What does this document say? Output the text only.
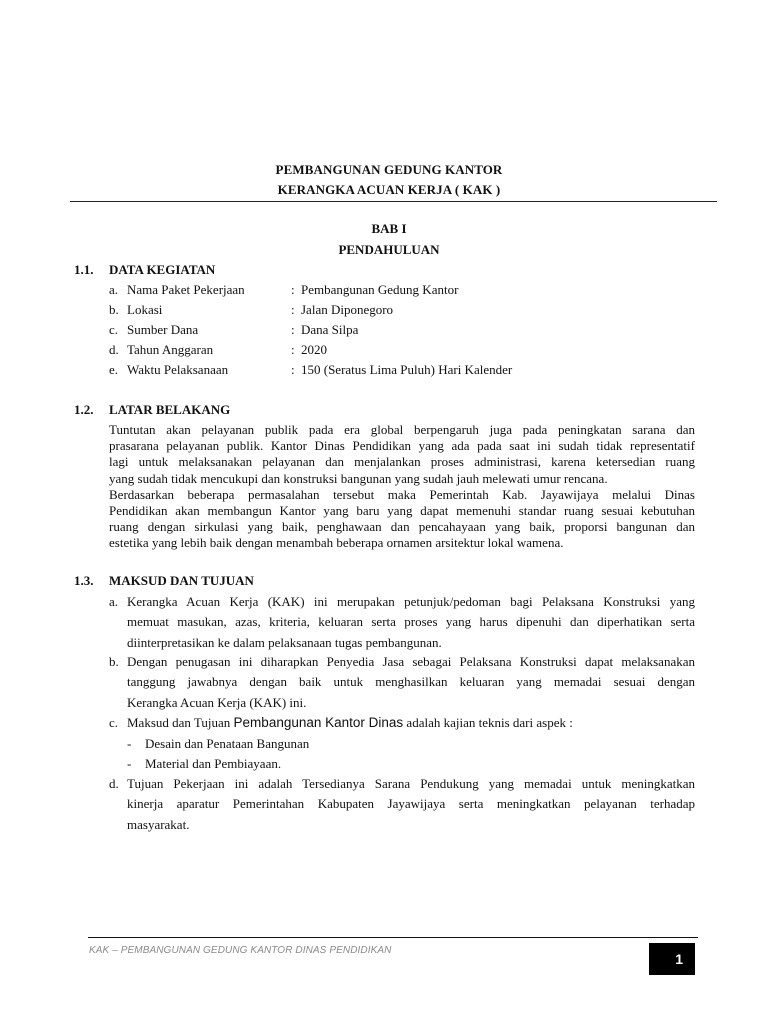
PEMBANGUNAN GEDUNG KANTOR
KERANGKA ACUAN KERJA ( KAK )
BAB I
PENDAHULUAN
1.1. DATA KEGIATAN
a. Nama Paket Pekerjaan	: Pembangunan Gedung Kantor
b. Lokasi	: Jalan Diponegoro
c. Sumber Dana	: Dana Silpa
d. Tahun Anggaran	: 2020
e. Waktu Pelaksanaan	: 150 (Seratus Lima Puluh) Hari Kalender
1.2. LATAR BELAKANG
Tuntutan akan pelayanan publik pada era global berpengaruh juga pada peningkatan sarana dan
prasarana pelayanan publik. Kantor Dinas Pendidikan yang ada pada saat ini sudah tidak representatif
lagi untuk melaksanakan pelayanan dan menjalankan proses administrasi, karena ketersedian ruang
yang sudah tidak mencukupi dan konstruksi bangunan yang sudah jauh melewati umur rencana.
Berdasarkan beberapa permasalahan tersebut maka Pemerintah Kab. Jayawijaya melalui Dinas
Pendidikan akan membangun Kantor yang baru yang dapat memenuhi standar ruang sesuai kebutuhan
ruang dengan sirkulasi yang baik, penghawaan dan pencahayaan yang baik, proporsi bangunan dan
estetika yang lebih baik dengan menambah beberapa ornamen arsitektur lokal wamena.
1.3. MAKSUD DAN TUJUAN
a. Kerangka Acuan Kerja (KAK) ini merupakan petunjuk/pedoman bagi Pelaksana Konstruksi yang
memuat masukan, azas, kriteria, keluaran serta proses yang harus dipenuhi dan diperhatikan serta
diinterpretasikan ke dalam pelaksanaan tugas pembangunan.
b. Dengan penugasan ini diharapkan Penyedia Jasa sebagai Pelaksana Konstruksi dapat melaksanakan
tanggung jawabnya dengan baik untuk menghasilkan keluaran yang memadai sesuai dengan
Kerangka Acuan Kerja (KAK) ini.
c. Maksud dan Tujuan Pembangunan Kantor Dinas adalah kajian teknis dari aspek :
- Desain dan Penataan Bangunan
- Material dan Pembiayaan.
d. Tujuan Pekerjaan ini adalah Tersedianya Sarana Pendukung yang memadai untuk meningkatkan
kinerja aparatur Pemerintahan Kabupaten Jayawijaya serta meningkatkan pelayanan terhadap
masyarakat.
KAK – PEMBANGUNAN GEDUNG KANTOR DINAS PENDIDIKAN
1
